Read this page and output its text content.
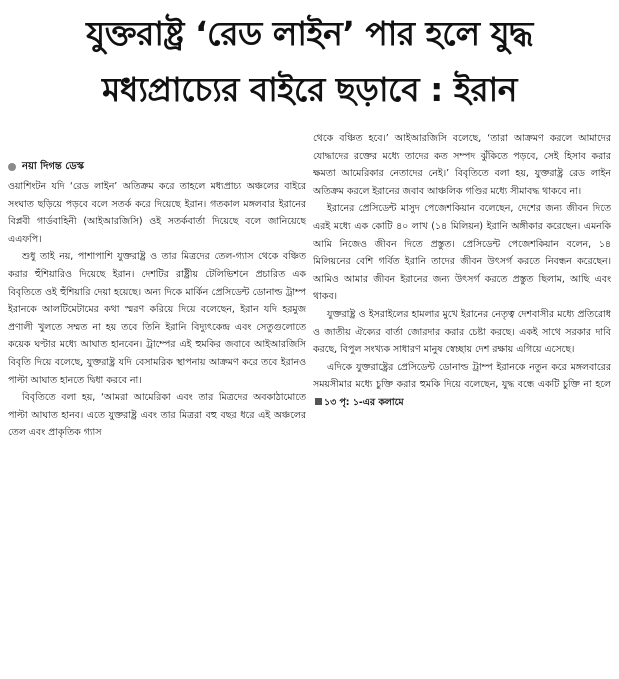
যুক্তরাষ্ট্র ‘রেড লাইন’ পার হলে যুদ্ধ
মধ্যপ্রাচ্যের বাইরে ছড়াবে : ইরান
নয়া দিগন্ত ডেস্ক

ওয়াশিংটন যদি ‘রেড লাইন’ অতিক্রম করে তাহলে মধ্যপ্রাচ্য অঞ্চলের বাইরে সংঘাত ছড়িয়ে পড়বে বলে সতর্ক করে দিয়েছে ইরান। গতকাল মঙ্গলবার ইরানের বিপ্লবী গার্ডবাহিনী (আইআরজিসি) ওই সতর্কবার্তা দিয়েছে বলে জানিয়েছে এএফপি।

শুধু তাই নয়, পাশাপাশি যুক্তরাষ্ট্র ও তার মিত্রদের তেল-গ্যাস থেকে বঞ্চিত করার হুঁশিয়ারিও দিয়েছে ইরান। দেশটির রাষ্ট্রীয় টেলিভিশনে প্রচারিত এক বিবৃতিতে ওই হুঁশিয়ারি দেয়া হয়েছে। অন্য দিকে মার্কিন প্রেসিডেন্ট ডোনাল্ড ট্রাম্প ইরানকে আলটিমেটামের কথা স্মরণ করিয়ে দিয়ে বলেছেন, ইরান যদি হরমুজ প্রণালী খুলতে সম্মত না হয় তবে তিনি ইরানি বিদ্যুৎকেন্দ্র এবং সেতুগুলোতে কয়েক ঘণ্টার মধ্যে আঘাত হানবেন। ট্রাম্পের এই হুমকির জবাবে আইআরজিসি বিবৃতি দিয়ে বলেছে, যুক্তরাষ্ট্র যদি বেসামরিক স্থাপনায় আক্রমণ করে তবে ইরানও পাল্টা আঘাত হানতে দ্বিধা করবে না।

বিবৃতিতে বলা হয়, ‘আমরা আমেরিকা এবং তার মিত্রদের অবকাঠামোতে পাল্টা আঘাত হানব। এতে যুক্তরাষ্ট্র এবং তার মিত্ররা বহু বছর ধরে এই অঞ্চলের তেল এবং প্রাকৃতিক গ্যাস

থেকে বঞ্চিত হবে।’ আইআরজিসি বলেছে, ‘তারা আক্রমণ করলে আমাদের যোদ্ধাদের রক্তের মধ্যে তাদের কত সম্পদ ঝুঁকিতে পড়বে, সেই হিসাব করার ক্ষমতা আমেরিকার নেতাদের নেই।’ বিবৃতিতে বলা হয়, যুক্তরাষ্ট্র রেড লাইন অতিক্রম করলে ইরানের জবাব আঞ্চলিক গণ্ডির মধ্যে সীমাবদ্ধ থাকবে না।

ইরানের প্রেসিডেন্ট মাসুদ পেজেশকিয়ান বলেছেন, দেশের জন্য জীবন দিতে এরই মধ্যে এক কোটি ৪০ লাখ (১৪ মিলিয়ন) ইরানি অঙ্গীকার করেছেন। এমনকি আমি নিজেও জীবন দিতে প্রস্তুত। প্রেসিডেন্ট পেজেশকিয়ান বলেন, ১৪ মিলিয়নের বেশি গর্বিত ইরানি তাদের জীবন উৎসর্গ করতে নিবন্ধন করেছেন। আমিও আমার জীবন ইরানের জন্য উৎসর্গ করতে প্রস্তুত ছিলাম, আছি এবং থাকব।

যুক্তরাষ্ট্র ও ইসরাইলের হামলার মুখে ইরানের নেতৃত্ব দেশবাসীর মধ্যে প্রতিরোধ ও জাতীয় ঐক্যের বার্তা জোরদার করার চেষ্টা করছে। একই সাথে সরকার দাবি করছে, বিপুল সংখ্যক সাধারণ মানুষ স্বেচ্ছায় দেশ রক্ষায় এগিয়ে এসেছে।

এদিকে যুক্তরাষ্ট্রের প্রেসিডেন্ট ডোনাল্ড ট্রাম্প ইরানকে নতুন করে মঙ্গলবারের সময়সীমার মধ্যে চুক্তি করার হুমকি দিয়ে বলেছেন, যুদ্ধ বন্ধে একটি চুক্তি না হলে ১৩ পৃ: ১-এর কলামে
